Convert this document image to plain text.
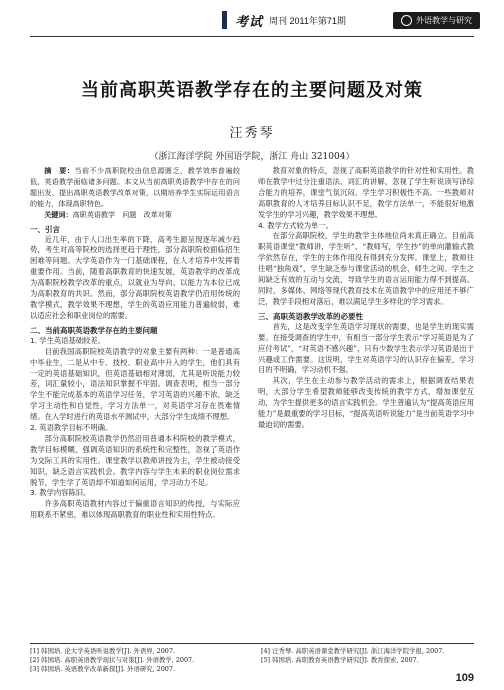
考试 周刊 2011年第71期	外语教学与研究
当前高职英语教学存在的主要问题及对策
汪秀琴
（浙江海洋学院 外国语学院，浙江 舟山 321004）

摘　要：当前不少高职院校由信息源匮乏，教学效率普遍较低，英语教学面临诸多问题。本文从当前高职英语教学中存在的问题出发，提出高职英语教学改革对策，以期培养学生实际运用语言的能力，体现高职特色。

关键词：高职英语教学　问题　改革对策

一、引言

近几年，由于人口出生率的下降，高考生源呈现逐年减少趋势，考生对高等院校的选择更趋于理性，部分高职院校面临招生困难等问题。大学英语作为一门基础课程，在人才培养中发挥着重要作用。当前，随着高职教育的快速发展，英语教学的改革成为高职院校教学改革的重点，以就业为导向、以能力为本位已成为高职教育的共识。然而，部分高职院校英语教学仍沿用传统的教学模式，教学效果不理想，学生的英语应用能力普遍较弱，难以适应社会和职业岗位的需要。

二、当前高职英语教学存在的主要问题
1. 学生英语基础较差。

目前我国高职院校英语教学的对象主要有两种：一是普通高中毕业生，二是从中专、技校、职业高中升入的学生，他们具有一定的英语基础知识，但英语基础相对薄弱，尤其是听说能力较差，词汇量较小，语法知识掌握不牢固。调查表明，相当一部分学生不能完成基本的英语学习任务，学习英语的兴趣不浓，缺乏学习主动性和自觉性，学习方法单一，对英语学习存在畏难情绪。在入学时进行的英语水平测试中，大部分学生成绩不理想。

2. 英语教学目标不明确。

部分高职院校英语教学仍然沿用普通本科院校的教学模式，教学目标模糊，强调英语知识的系统性和完整性，忽视了英语作为交际工具的实用性。课堂教学以教师讲授为主，学生被动接受知识，缺乏语言实践机会。教学内容与学生未来的职业岗位需求脱节，学生学了英语却不知道如何运用，学习动力不足。

3. 教学内容陈旧。

许多高职英语教材内容过于偏重语言知识的传授，与实际应用联系不紧密，难以体现高职教育的职业性和实用性特点。

教育对象的特点，忽视了高职英语教学的针对性和实用性。教师在教学中过分注重语法、词汇的讲解，忽视了学生听说读写译综合能力的培养，课堂气氛沉闷，学生学习积极性不高。一些教师对高职教育的人才培养目标认识不足，教学方法单一，不能很好地激发学生的学习兴趣，教学效果不理想。

4. 教学方式较为单一。

在部分高职院校，学生的教学主体地位尚未真正确立。目前高职英语课堂“教师讲，学生听”、“教师写，学生抄”的单向灌输式教学依然存在，学生的主体作用没有得到充分发挥。课堂上，教师往往唱“独角戏”，学生缺乏参与课堂活动的机会，师生之间、学生之间缺乏有效的互动与交流，导致学生的语言运用能力得不到提高。同时，多媒体、网络等现代教育技术在英语教学中的应用还不够广泛，教学手段相对落后，难以满足学生多样化的学习需求。

三、高职英语教学改革的必要性

首先，这是改变学生英语学习现状的需要，也是学生的现实需要。在接受调查的学生中，有相当一部分学生表示“学习英语是为了应付考试”，“对英语不感兴趣”，只有少数学生表示学习英语是出于兴趣或工作需要。这说明，学生对英语学习的认识存在偏差，学习目的不明确，学习动机不强。

其次，学生在主动参与教学活动的需求上，根据调查结果表明，大部分学生希望教师能够改变传统的教学方式，增加课堂互动，为学生提供更多的语言实践机会。学生普遍认为“提高英语应用能力”是最重要的学习目标，“提高英语听说能力”是当前英语学习中最迫切的需要。

[1] 韩国培. 论大学英语听说教学[J]. 外语界, 2007.

[2] 韩国培. 高职英语教学现状与对策[J]. 外语教学, 2007.

[3] 韩国培. 英语教学改革新探[J]. 外语研究, 2007.

[4] 汪秀琴. 高职英语课堂教学研究[J]. 浙江海洋学院学报, 2007.

[5] 韩国培. 高职教育英语教学研究[J]. 教育探索, 2007.

109
